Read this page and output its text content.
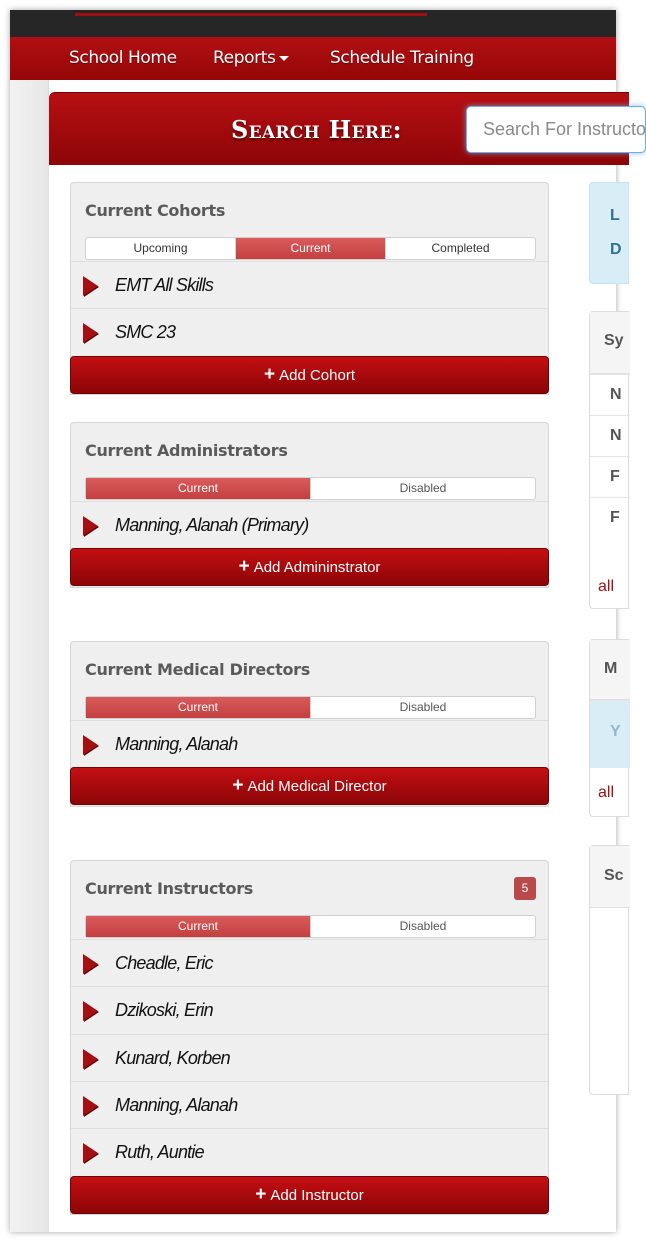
School Home Reports	Schedule Training
Search Here:
Search For Instructors
Current Cohorts
Upcoming	Current	Completed
EMT All Skills
SMC 23
+ Add Cohort
Current Administrators
Current	Disabled
Manning, Alanah (Primary)
+ Add Admininstrator
Current Medical Directors
Current	Disabled
Manning, Alanah
+ Add Medical Director
Current Instructors	5
Current	Disabled
Cheadle, Eric
Dzikoski, Erin
Kunard, Korben
Manning, Alanah
Ruth, Auntie
+ Add Instructor
L
D
Sy
N
N
F
F
all
M
Y
all
Sc
